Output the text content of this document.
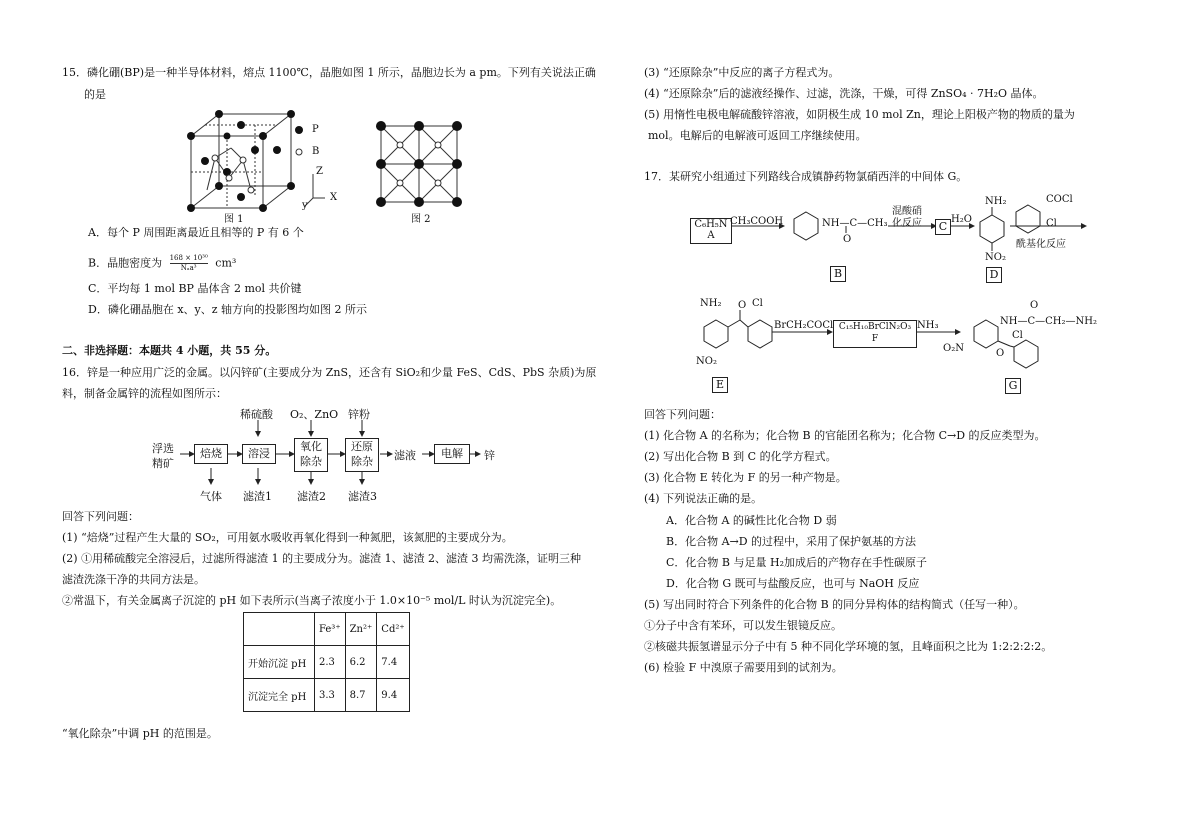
15．磷化硼(BP)是一种半导体材料，熔点 1100℃，晶胞如图 1 所示，晶胞边长为 a pm。下列有关说法正确
的是
P
B
Z
X
y
图 1	图 2
A．每个 P 周围距离最近且相等的 P 有 6 个
B．晶胞密度为 168 × 10³⁰
Nₐa³	cm³
C．平均每 1 mol BP 晶体含 2 mol 共价键
D．磷化硼晶胞在 x、y、z 轴方向的投影图均如图 2 所示
二、非选择题：本题共 4 小题，共 55 分。
16．锌是一种应用广泛的金属。以闪锌矿(主要成分为 ZnS，还含有 SiO₂和少量 FeS、CdS、PbS 杂质)为原
料，制备金属锌的流程如图所示：
浮选
精矿
焙烧	溶浸
氧化
除杂
还原
除杂	滤液	电解	锌
稀硫酸 O₂、ZnO 锌粉
气体 滤渣1 滤渣2 滤渣3
回答下列问题：
(1) “焙烧”过程产生大量的 SO₂，可用氨水吸收再氧化得到一种氮肥，该氮肥的主要成分为。
(2) ①用稀硫酸完全溶浸后，过滤所得滤渣 1 的主要成分为。滤渣 1、滤渣 2、滤渣 3 均需洗涤，证明三种
滤渣洗涤干净的共同方法是。
②常温下，有关金属离子沉淀的 pH 如下表所示(当离子浓度小于 1.0×10⁻⁵ mol/L 时认为沉淀完全)。
	Fe³⁺	Zn²⁺	Cd²⁺
开始沉淀 pH	2.3	6.2	7.4
沉淀完全 pH	3.3	8.7	9.4
“氧化除杂”中调 pH 的范围是。
(3) “还原除杂”中反应的离子方程式为。
(4) “还原除杂”后的滤液经操作、过滤，洗涤，干燥，可得 ZnSO₄ · 7H₂O 晶体。
(5) 用惰性电极电解硫酸锌溶液，如阴极生成 10 mol Zn，理论上阳极产物的物质的量为
mol。电解后的电解液可返回工序继续使用。
17．某研究小组通过下列路线合成镇静药物氯硝西泮的中间体 G。
C₆H₅N
A
CH₃COOH	NH—C—CH₃
O
B
混酸硝
化反应	C
H₂O
NH₂
NO₂
D
COCl
Cl
酰基化反应
NH₂ O Cl
NO₂
E
BrCH₂COCl C₁₅H₁₀BrClN₂O₃
F
NH₃	NH—C—CH₂—NH₂
O
Cl
O₂N	O
G
回答下列问题：
(1) 化合物 A 的名称为；化合物 B 的官能团名称为；化合物 C→D 的反应类型为。
(2) 写出化合物 B 到 C 的化学方程式。
(3) 化合物 E 转化为 F 的另一种产物是。
(4) 下列说法正确的是。
A．化合物 A 的碱性比化合物 D 弱
B．化合物 A→D 的过程中，采用了保护氨基的方法
C．化合物 B 与足量 H₂加成后的产物存在手性碳原子
D．化合物 G 既可与盐酸反应，也可与 NaOH 反应
(5) 写出同时符合下列条件的化合物 B 的同分异构体的结构简式（任写一种）。
①分子中含有苯环，可以发生银镜反应。
②核磁共振氢谱显示分子中有 5 种不同化学环境的氢，且峰面积之比为 1:2:2:2:2。
(6) 检验 F 中溴原子需要用到的试剂为。
